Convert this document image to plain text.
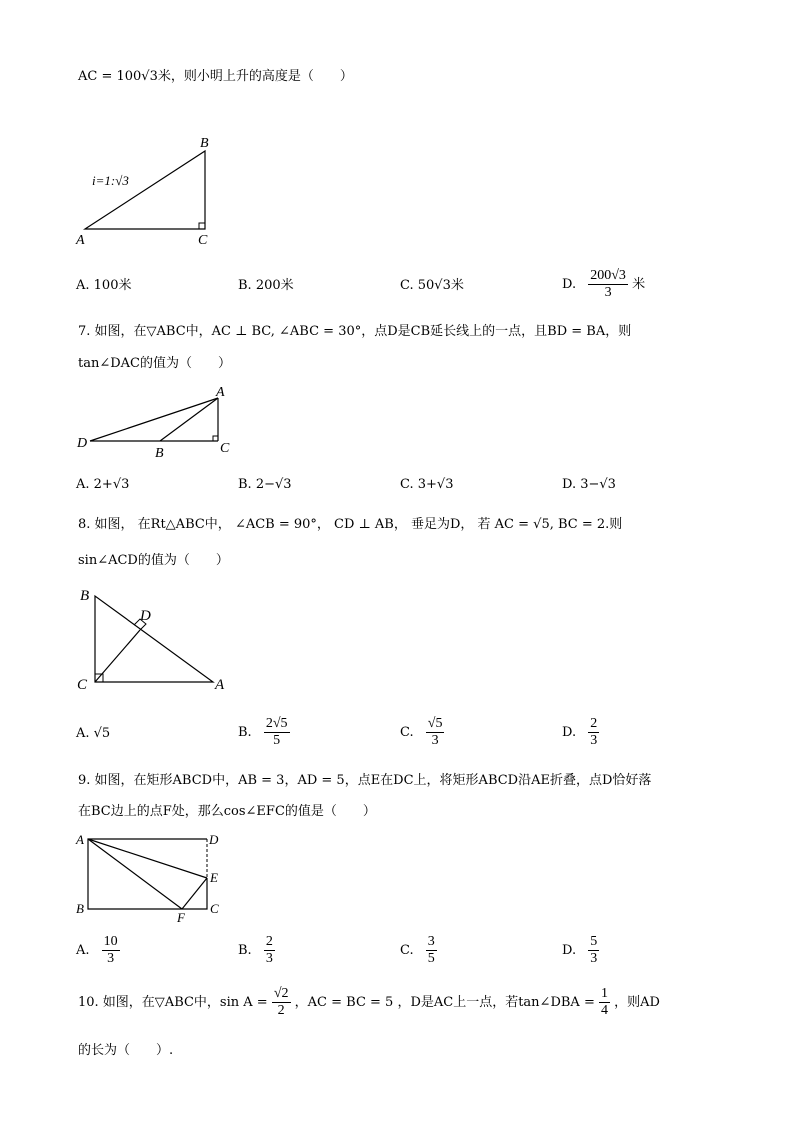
AC = 100√3米，则小明上升的高度是（　　）
B
A	C
i=1:√3
A. 100米	B. 200米	C. 50√3米	D. $\frac{200√3}{3}$ 米
7. 如图，在▽ABC中，AC ⊥ BC, ∠ABC = 30°，点D是CB延长线上的一点，且BD = BA，则
tan∠DAC的值为（　　）
A
D
B	C
A. 2+√3	B. 2−√3	C. 3+√3	D. 3−√3
8. 如图， 在Rt△ABC中， ∠ACB = 90°， CD ⊥ AB， 垂足为D， 若 AC = √5, BC = 2.则
sin∠ACD的值为（　　）
B
D
C	A
A. √5	B. $\frac{2√5}{5}$	C. $\frac{√5}{3}$	D. $\frac{2}{3}$
9. 如图，在矩形ABCD中，AB = 3，AD = 5，点E在DC上，将矩形ABCD沿AE折叠，点D恰好落
在BC边上的点F处，那么cos∠EFC的值是（　　）
A	D
E
B
F
C
A. $\frac{10}{3}$	B. $\frac{2}{3}$	C. $\frac{3}{5}$	D. $\frac{5}{3}$
10. 如图，在▽ABC中，$\sin A = \frac{√2}{2}$ ，AC = BC = 5 ，D是AC上一点，若tan∠DBA = $\frac{1}{4}$ ，则AD
的长为（　　）.
